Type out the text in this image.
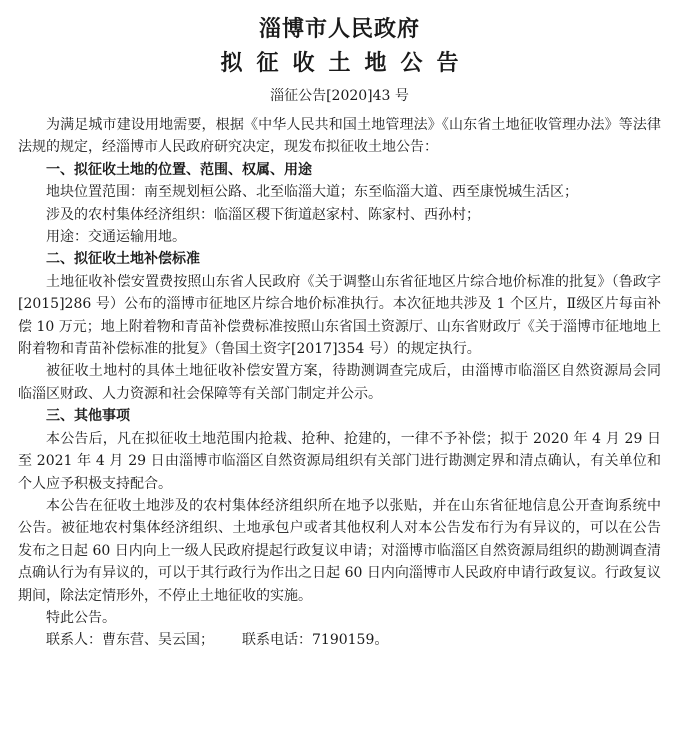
淄博市人民政府
拟征收土地公告
淄征公告[2020]43 号

为满足城市建设用地需要，根据《中华人民共和国土地管理法》《山东省土地征收管理办法》等法律法规的规定，经淄博市人民政府研究决定，现发布拟征收土地公告：

一、拟征收土地的位置、范围、权属、用途

地块位置范围：南至规划桓公路、北至临淄大道；东至临淄大道、西至康悦城生活区；

涉及的农村集体经济组织：临淄区稷下街道赵家村、陈家村、西孙村；

用途：交通运输用地。

二、拟征收土地补偿标准

土地征收补偿安置费按照山东省人民政府《关于调整山东省征地区片综合地价标准的批复》（鲁政字[2015]286 号）公布的淄博市征地区片综合地价标准执行。本次征地共涉及 1 个区片，Ⅱ级区片每亩补偿 10 万元；地上附着物和青苗补偿费标准按照山东省国土资源厅、山东省财政厅《关于淄博市征地地上附着物和青苗补偿标准的批复》（鲁国土资字[2017]354 号）的规定执行。

被征收土地村的具体土地征收补偿安置方案，待勘测调查完成后，由淄博市临淄区自然资源局会同临淄区财政、人力资源和社会保障等有关部门制定并公示。

三、其他事项

本公告后，凡在拟征收土地范围内抢栽、抢种、抢建的，一律不予补偿；拟于 2020 年 4 月 29 日至 2021 年 4 月 29 日由淄博市临淄区自然资源局组织有关部门进行勘测定界和清点确认，有关单位和个人应予积极支持配合。

本公告在征收土地涉及的农村集体经济组织所在地予以张贴，并在山东省征地信息公开查询系统中公告。被征地农村集体经济组织、土地承包户或者其他权利人对本公告发布行为有异议的，可以在公告发布之日起 60 日内向上一级人民政府提起行政复议申请；对淄博市临淄区自然资源局组织的勘测调查清点确认行为有异议的，可以于其行政行为作出之日起 60 日内向淄博市人民政府申请行政复议。行政复议期间，除法定情形外，不停止土地征收的实施。

特此公告。

联系人：曹东营、吴云国； 联系电话：7190159。
